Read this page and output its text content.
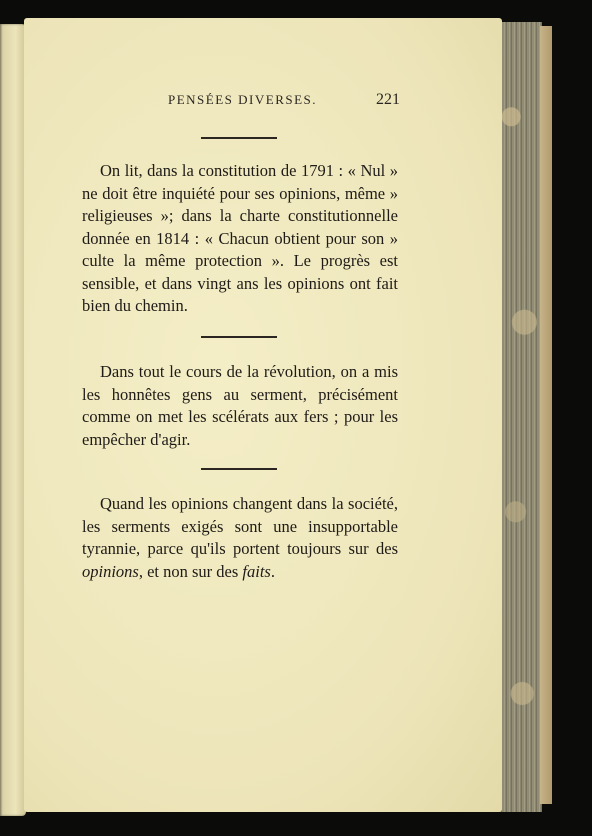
PENSÉES DIVERSES.	221

On lit, dans la constitution de 1791 : « Nul » ne doit être inquiété pour ses opinions, même » religieuses »; dans la charte constitutionnelle donnée en 1814 : « Chacun obtient pour son » culte la même protection ». Le progrès est sensible, et dans vingt ans les opinions ont fait bien du chemin.

Dans tout le cours de la révolution, on a mis les honnêtes gens au serment, précisément comme on met les scélérats aux fers ; pour les empêcher d'agir.

Quand les opinions changent dans la société, les serments exigés sont une insupportable tyrannie, parce qu'ils portent toujours sur des opinions, et non sur des faits.
